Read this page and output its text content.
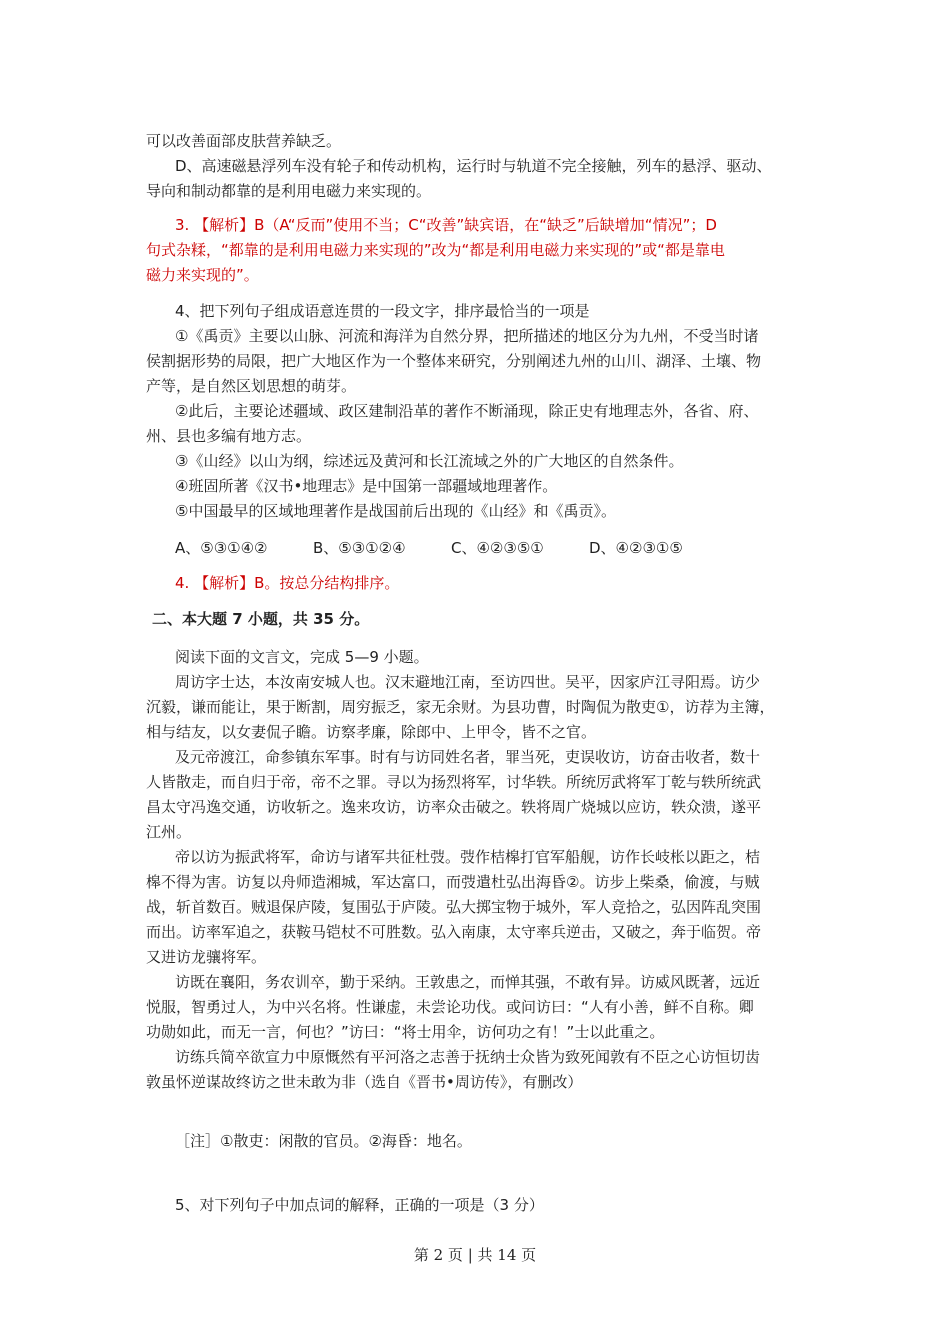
可以改善面部皮肤营养缺乏。
D、高速磁悬浮列车没有轮子和传动机构，运行时与轨道不完全接触，列车的悬浮、驱动、
导向和制动都靠的是利用电磁力来实现的。
3. 【解析】B（A“反而”使用不当；C“改善”缺宾语，在“缺乏”后缺增加“情况”；D
句式杂糅，“都靠的是利用电磁力来实现的”改为“都是利用电磁力来实现的”或“都是靠电
磁力来实现的”。
4、把下列句子组成语意连贯的一段文字，排序最恰当的一项是
①《禹贡》主要以山脉、河流和海洋为自然分界，把所描述的地区分为九州，不受当时诸
侯割据形势的局限，把广大地区作为一个整体来研究，分别阐述九州的山川、湖泽、土壤、物
产等，是自然区划思想的萌芽。
②此后，主要论述疆域、政区建制沿革的著作不断涌现，除正史有地理志外，各省、府、
州、县也多编有地方志。
③《山经》以山为纲，综述远及黄河和长江流域之外的广大地区的自然条件。
④班固所著《汉书•地理志》是中国第一部疆域地理著作。
⑤中国最早的区域地理著作是战国前后出现的《山经》和《禹贡》。
A、⑤③①④②	B、⑤③①②④	C、④②③⑤①	D、④②③①⑤
4. 【解析】B。按总分结构排序。
二、本大题 7 小题，共 35 分。
阅读下面的文言文，完成 5—9 小题。
周访字士达，本汝南安城人也。汉末避地江南，至访四世。吴平，因家庐江寻阳焉。访少
沉毅，谦而能让，果于断割，周穷振乏，家无余财。为县功曹，时陶侃为散吏①，访荐为主簿，
相与结友，以女妻侃子瞻。访察孝廉，除郎中、上甲令，皆不之官。
及元帝渡江，命参镇东军事。时有与访同姓名者，罪当死，吏误收访，访奋击收者，数十
人皆散走，而自归于帝，帝不之罪。寻以为扬烈将军，讨华轶。所统厉武将军丁乾与轶所统武
昌太守冯逸交通，访收斩之。逸来攻访，访率众击破之。轶将周广烧城以应访，轶众溃，遂平
江州。
帝以访为振武将军，命访与诸军共征杜弢。弢作桔槔打官军船舰，访作长岐枨以距之，桔
槔不得为害。访复以舟师造湘城，军达富口，而弢遣杜弘出海昏②。访步上柴桑，偷渡，与贼
战，斩首数百。贼退保庐陵，复围弘于庐陵。弘大掷宝物于城外，军人竞拾之，弘因阵乱突围
而出。访率军追之，获鞍马铠杖不可胜数。弘入南康，太守率兵逆击，又破之，奔于临贺。帝
又进访龙骧将军。
访既在襄阳，务农训卒，勤于采纳。王敦患之，而惮其强，不敢有异。访威风既著，远近
悦服，智勇过人，为中兴名将。性谦虚，未尝论功伐。或问访曰：“人有小善，鲜不自称。卿
功勋如此，而无一言，何也？”访曰：“将士用伞，访何功之有！”士以此重之。
访练兵简卒欲宣力中原慨然有平河洛之志善于抚纳士众皆为致死闻敦有不臣之心访恒切齿
敦虽怀逆谋故终访之世未敢为非（选自《晋书•周访传》，有删改）
［注］①散吏：闲散的官员。②海昏：地名。
5、对下列句子中加点词的解释，正确的一项是（3 分）
第 2 页 | 共 14 页
